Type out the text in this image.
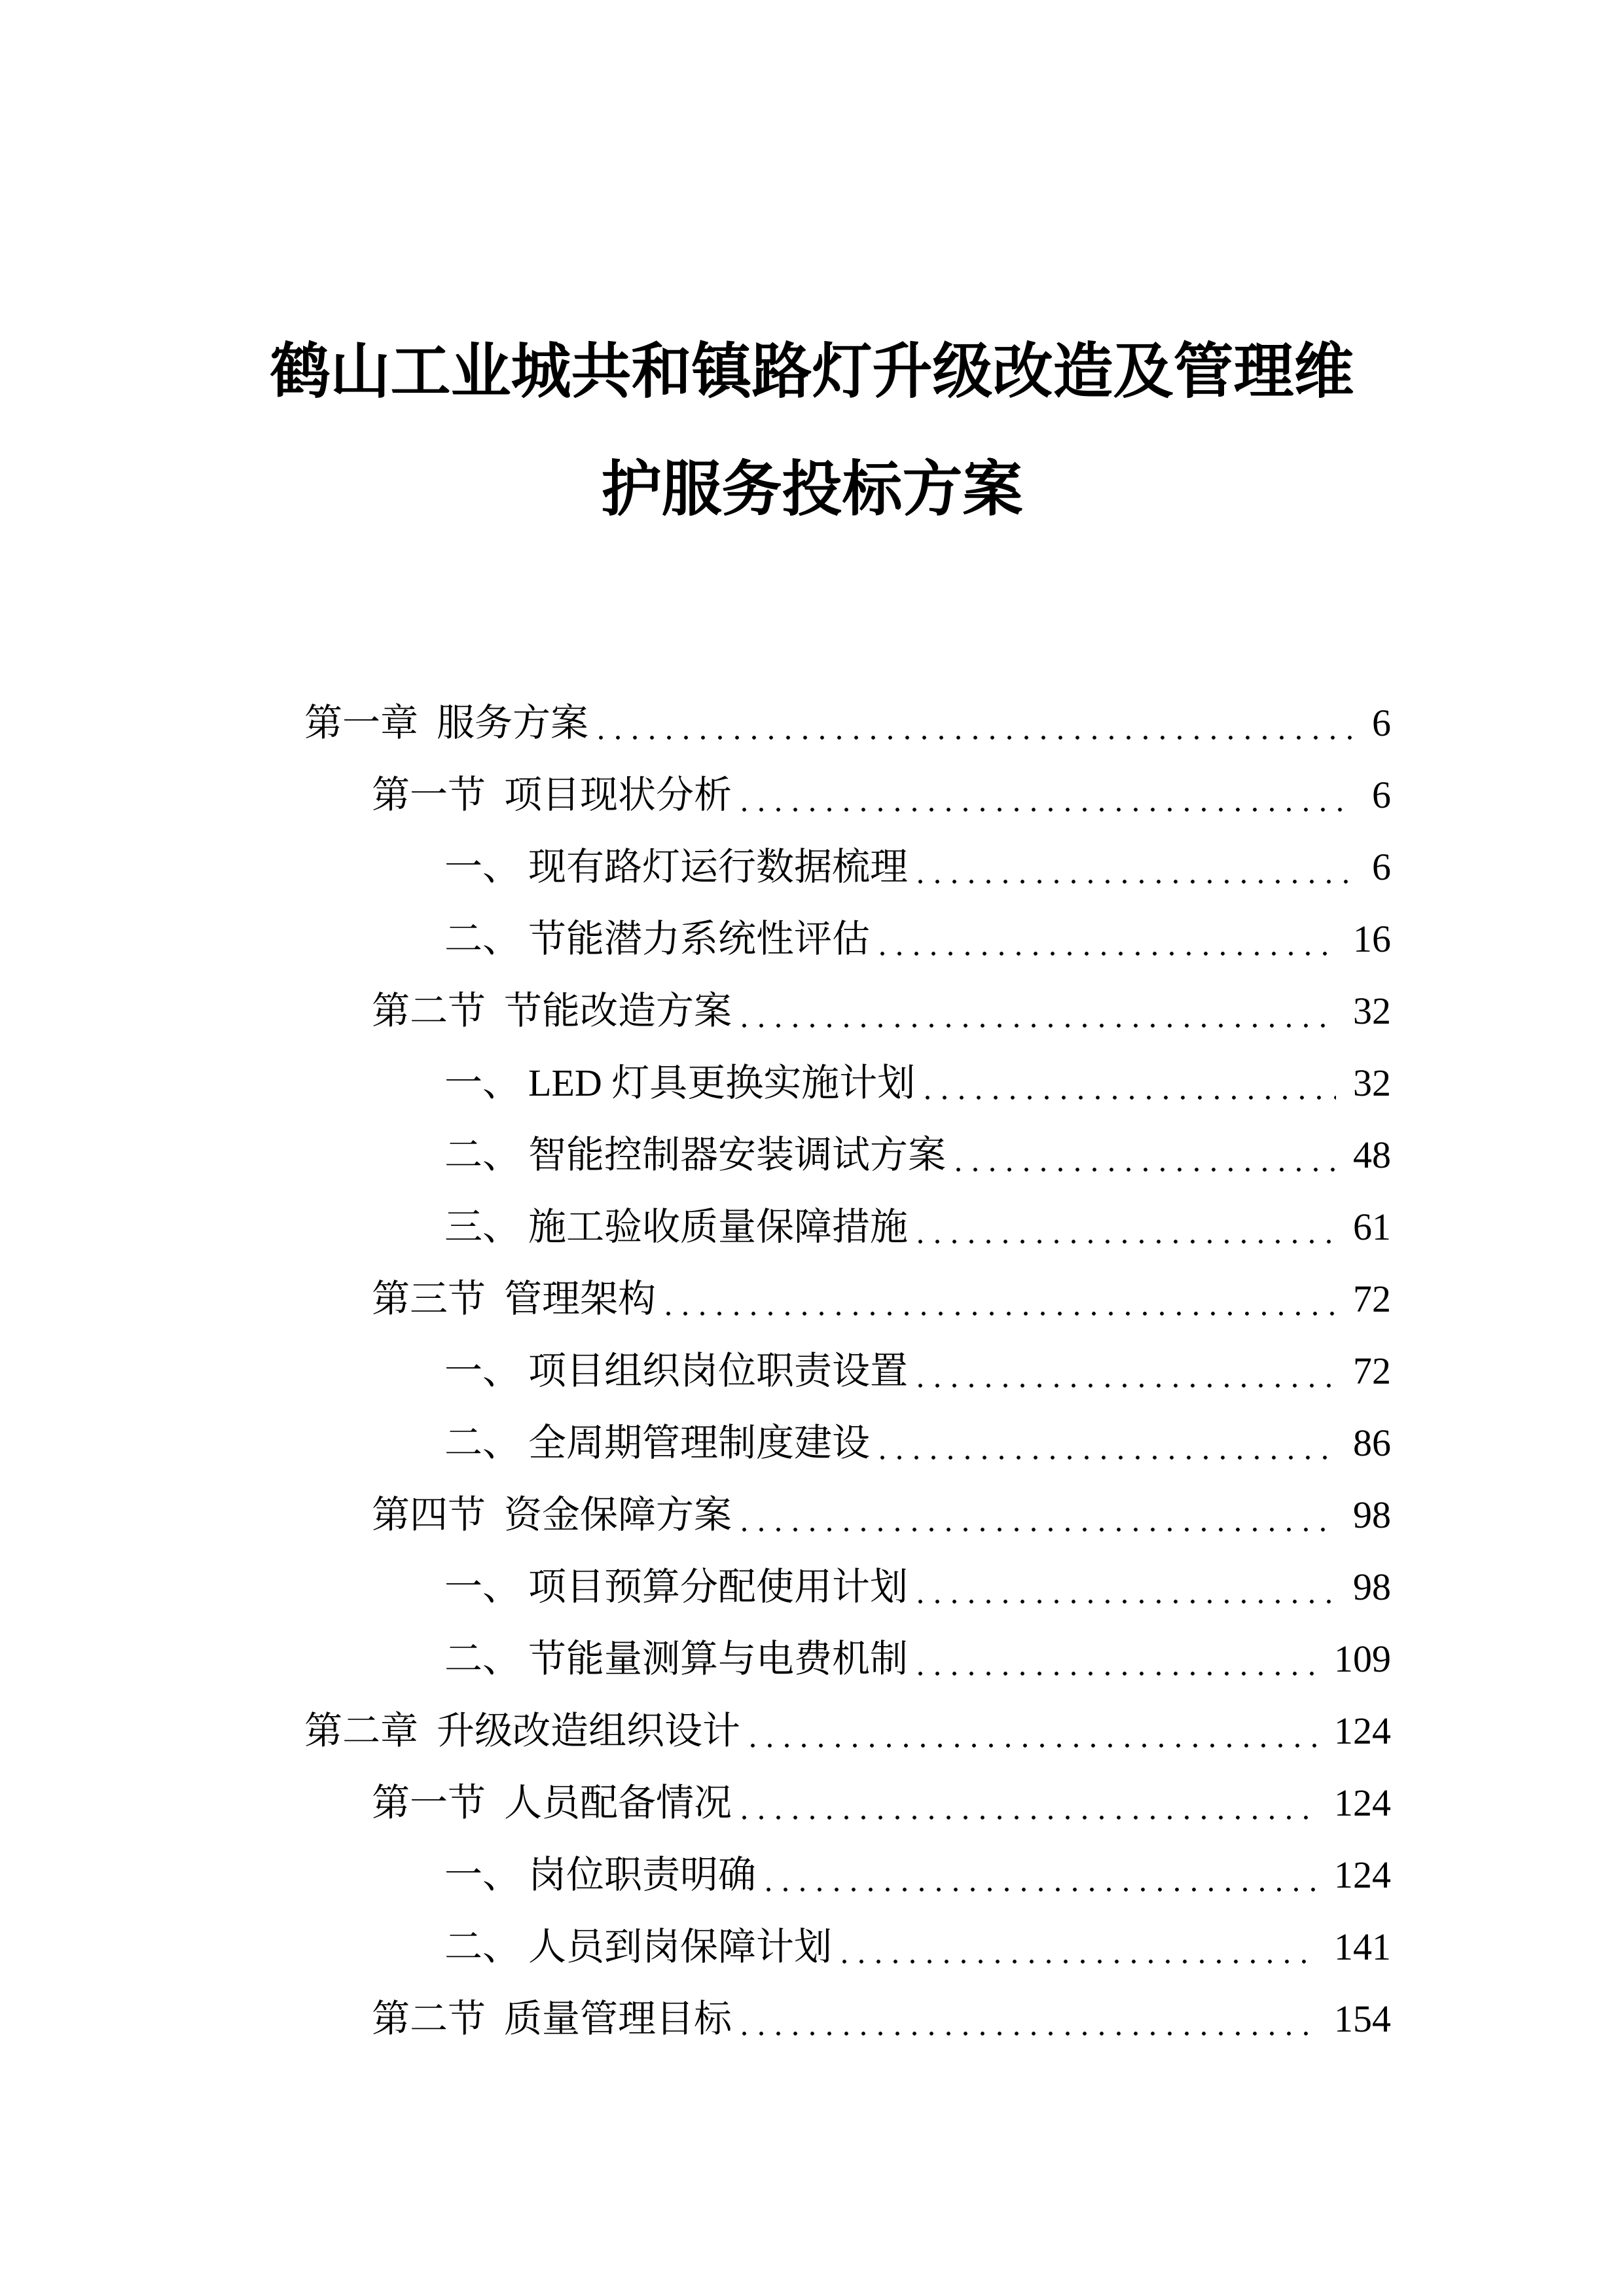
鹤山工业城共和镇路灯升级改造及管理维
护服务投标方案
第一章 服务方案	6
第一节 项目现状分析	6
一、 现有路灯运行数据梳理	6
二、 节能潜力系统性评估	16
第二节 节能改造方案	32
一、 LED 灯具更换实施计划	32
二、 智能控制器安装调试方案	48
三、 施工验收质量保障措施	61
第三节 管理架构	72
一、 项目组织岗位职责设置	72
二、 全周期管理制度建设	86
第四节 资金保障方案	98
一、 项目预算分配使用计划	98
二、 节能量测算与电费机制	109
第二章 升级改造组织设计	124
第一节 人员配备情况	124
一、 岗位职责明确	124
二、 人员到岗保障计划	141
第二节 质量管理目标	154
